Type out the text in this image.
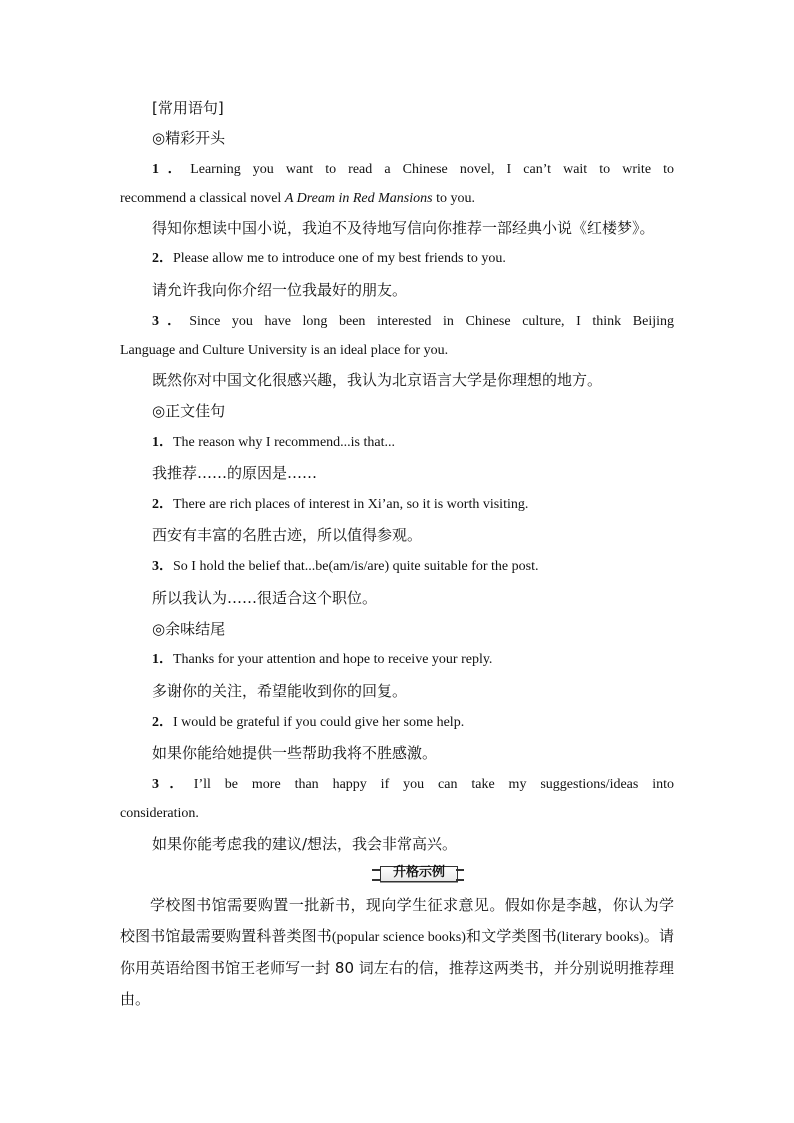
[常用语句]
◎精彩开头
1．Learning you want to read a Chinese novel, I can’t wait to write to
recommend a classical novel A Dream in Red Mansions to you.
得知你想读中国小说，我迫不及待地写信向你推荐一部经典小说《红楼梦》。
2．Please allow me to introduce one of my best friends to you.
请允许我向你介绍一位我最好的朋友。
3．Since you have long been interested in Chinese culture, I think Beijing
Language and Culture University is an ideal place for you.
既然你对中国文化很感兴趣，我认为北京语言大学是你理想的地方。
◎正文佳句
1．The reason why I recommend...is that...
我推荐……的原因是……
2．There are rich places of interest in Xi’an, so it is worth visiting.
西安有丰富的名胜古迹，所以值得参观。
3．So I hold the belief that...be(am/is/are) quite suitable for the post.
所以我认为……很适合这个职位。
◎余味结尾
1．Thanks for your attention and hope to receive your reply.
多谢你的关注，希望能收到你的回复。
2．I would be grateful if you could give her some help.
如果你能给她提供一些帮助我将不胜感激。
3．I’ll be more than happy if you can take my suggestions/ideas into
consideration.
如果你能考虑我的建议/想法，我会非常高兴。
升格示例
学校图书馆需要购置一批新书，现向学生征求意见。假如你是李越，你认为学校图书馆最需要购置科普类图书(popular science books)和文学类图书(literary books)。请你用英语给图书馆王老师写一封 80 词左右的信，推荐这两类书，并分别说明推荐理由。
